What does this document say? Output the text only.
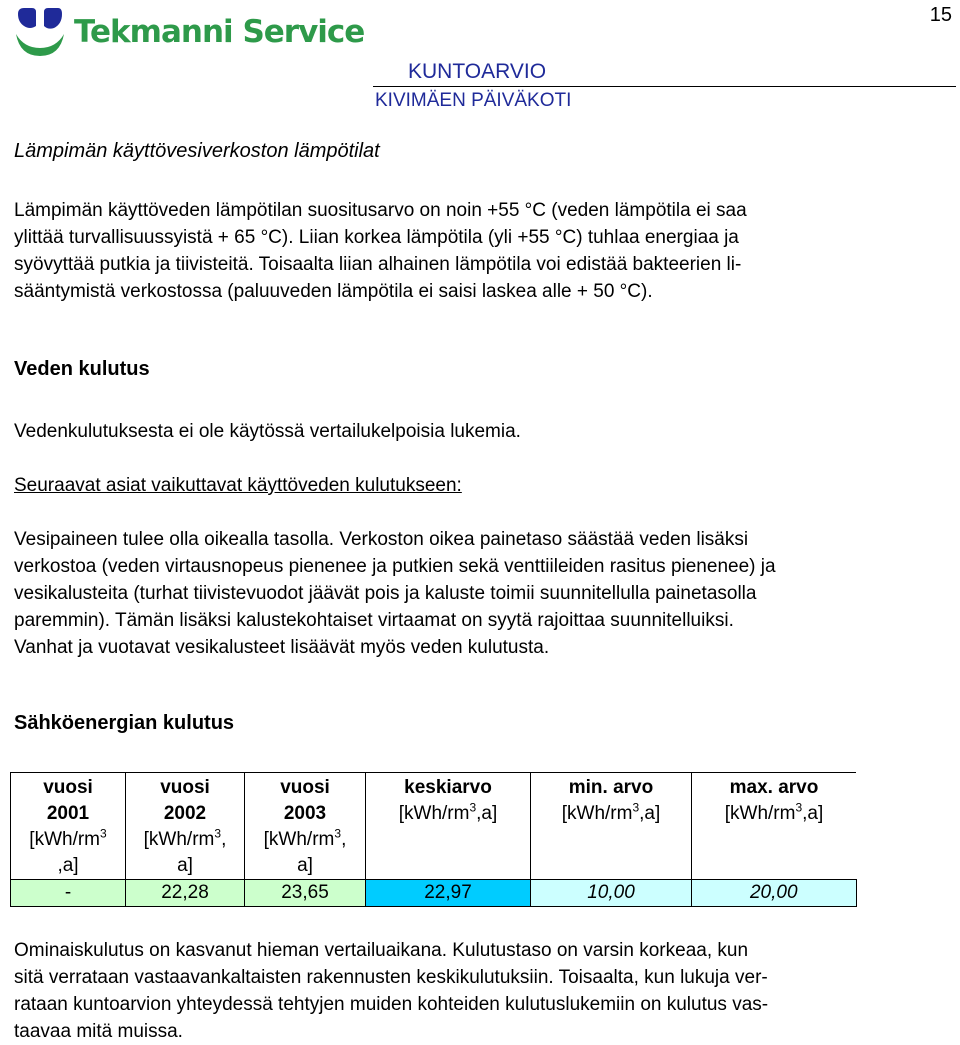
Tekmanni Service	15
KUNTOARVIO
KIVIMÄEN PÄIVÄKOTI
Lämpimän käyttövesiverkoston lämpötilat

Lämpimän käyttöveden lämpötilan suositusarvo on noin +55 °C (veden lämpötila ei saa
ylittää turvallisuussyistä + 65 °C). Liian korkea lämpötila (yli +55 °C) tuhlaa energiaa ja
syövyttää putkia ja tiivisteitä. Toisaalta liian alhainen lämpötila voi edistää bakteerien li-
sääntymistä verkostossa (paluuveden lämpötila ei saisi laskea alle + 50 °C).

Veden kulutus

Vedenkulutuksesta ei ole käytössä vertailukelpoisia lukemia.

Seuraavat asiat vaikuttavat käyttöveden kulutukseen:

Vesipaineen tulee olla oikealla tasolla. Verkoston oikea painetaso säästää veden lisäksi
verkostoa (veden virtausnopeus pienenee ja putkien sekä venttiileiden rasitus pienenee) ja
vesikalusteita (turhat tiivistevuodot jäävät pois ja kaluste toimii suunnitellulla painetasolla
paremmin). Tämän lisäksi kalustekohtaiset virtaamat on syytä rajoittaa suunnitelluiksi.
Vanhat ja vuotavat vesikalusteet lisäävät myös veden kulutusta.

Sähköenergian kulutus
vuosi
2001
[$kWh/rm^3$
,a]	vuosi
2002
[$kWh/rm^3$,
a]	vuosi
2003
[$kWh/rm^3$,
a]	keskiarvo
$[kWh/rm^3,a]$	min. arvo
$[kWh/rm^3,a]$	max. arvo
$[kWh/rm^3,a]$
-	22,28	23,65	22,97	10,00	20,00

Ominaiskulutus on kasvanut hieman vertailuaikana. Kulutustaso on varsin korkeaa, kun
sitä verrataan vastaavankaltaisten rakennusten keskikulutuksiin. Toisaalta, kun lukuja ver-
rataan kuntoarvion yhteydessä tehtyjen muiden kohteiden kulutuslukemiin on kulutus vas-
taavaa mitä muissa.
